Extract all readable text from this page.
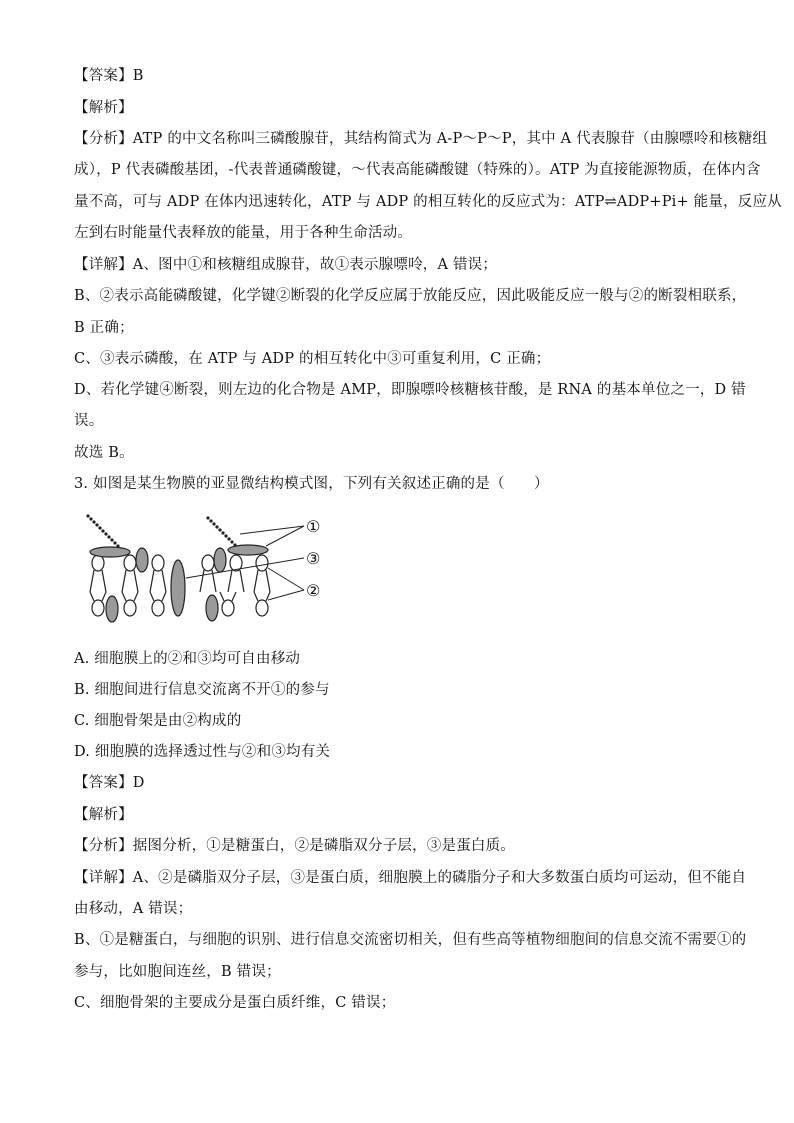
【答案】B
【解析】
【分析】ATP 的中文名称叫三磷酸腺苷，其结构简式为 A-P～P～P，其中 A 代表腺苷（由腺嘌呤和核糖组
成），P 代表磷酸基团，-代表普通磷酸键，～代表高能磷酸键（特殊的）。ATP 为直接能源物质，在体内含
量不高，可与 ADP 在体内迅速转化，ATP 与 ADP 的相互转化的反应式为：ATP⇌ADP+Pi+ 能量，反应从
左到右时能量代表释放的能量，用于各种生命活动。
【详解】A、图中①和核糖组成腺苷，故①表示腺嘌呤，A 错误；
B、②表示高能磷酸键，化学键②断裂的化学反应属于放能反应，因此吸能反应一般与②的断裂相联系，
B 正确；
C、③表示磷酸，在 ATP 与 ADP 的相互转化中③可重复利用，C 正确；
D、若化学键④断裂，则左边的化合物是 AMP，即腺嘌呤核糖核苷酸，是 RNA 的基本单位之一，D 错
误。
故选 B。
3. 如图是某生物膜的亚显微结构模式图，下列有关叙述正确的是（　　）
①
③
②
A. 细胞膜上的②和③均可自由移动
B. 细胞间进行信息交流离不开①的参与
C. 细胞骨架是由②构成的
D. 细胞膜的选择透过性与②和③均有关
【答案】D
【解析】
【分析】据图分析，①是糖蛋白，②是磷脂双分子层，③是蛋白质。
【详解】A、②是磷脂双分子层，③是蛋白质，细胞膜上的磷脂分子和大多数蛋白质均可运动，但不能自
由移动，A 错误；
B、①是糖蛋白，与细胞的识别、进行信息交流密切相关，但有些高等植物细胞间的信息交流不需要①的
参与，比如胞间连丝，B 错误；
C、细胞骨架的主要成分是蛋白质纤维，C 错误；
